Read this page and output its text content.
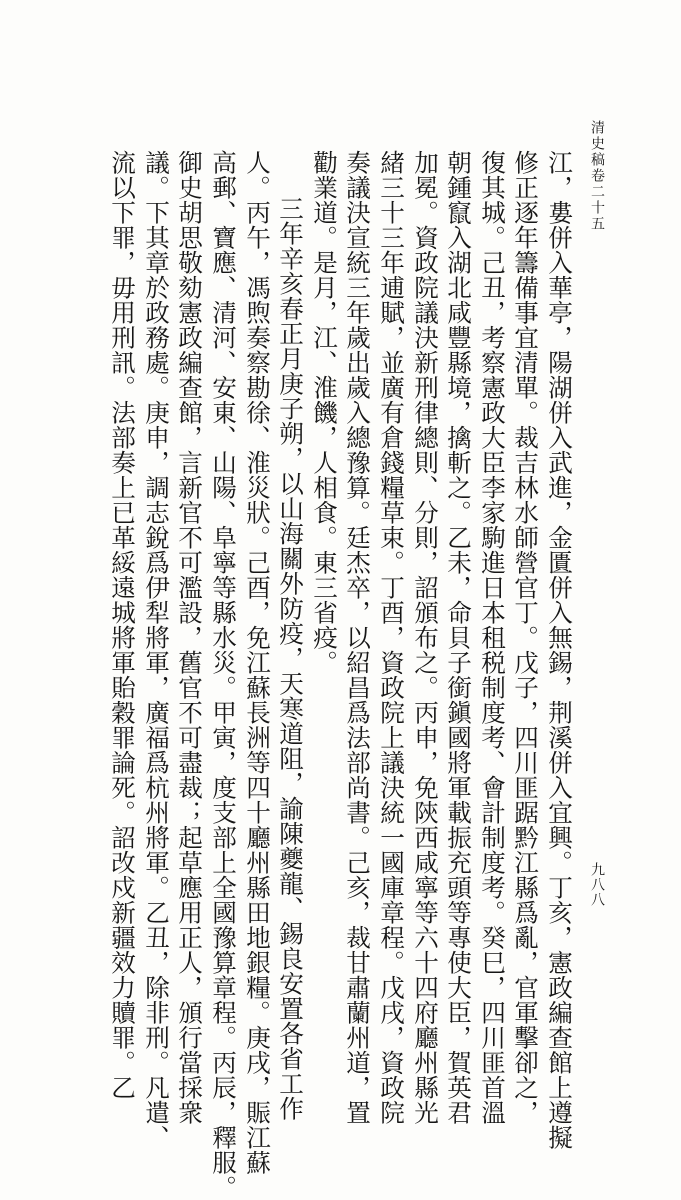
清史稿卷二十五
九八八
江，婁併入華亭，陽湖併入武進，金匱併入無錫，荆溪併入宜興。丁亥，憲政編查館上遵擬
修正逐年籌備事宜清單。裁吉林水師營官丁。戊子，四川匪踞黔江縣爲亂，官軍擊卻之，
復其城。己丑，考察憲政大臣李家駒進日本租税制度考、會計制度考。癸巳，四川匪首溫
朝鍾竄入湖北咸豐縣境，擒斬之。乙未，命貝子銜鎭國將軍載振充頭等專使大臣，賀英君
加冕。資政院議決新刑律總則、分則，詔頒布之。丙申，免陝西咸寧等六十四府廳州縣光
緒三十三年逋賦，並廣有倉錢糧草束。丁酉，資政院上議決統一國庫章程。戊戌，資政院
奏議決宣統三年歲出歲入總豫算。廷杰卒，以紹昌爲法部尚書。己亥，裁甘肅蘭州道，置
勸業道。是月，江、淮饑，人相食。東三省疫。
三年辛亥春正月庚子朔，以山海關外防疫，天寒道阻，諭陳夔龍、錫良安置各省工作
人。丙午，馮煦奏察勘徐、淮災狀。己酉，免江蘇長洲等四十廳州縣田地銀糧。庚戌，賑江蘇
高郵、寶應、清河、安東、山陽、阜寧等縣水災。甲寅，度支部上全國豫算章程。丙辰，釋服。
御史胡思敬劾憲政編查館，言新官不可濫設，舊官不可盡裁；起草應用正人，頒行當採衆
議。下其章於政務處。庚申，調志銳爲伊犁將軍，廣福爲杭州將軍。乙丑，除非刑。凡遣、
流以下罪，毋用刑訊。法部奏上已革綏遠城將軍貽穀罪論死。詔改戍新疆效力贖罪。乙
